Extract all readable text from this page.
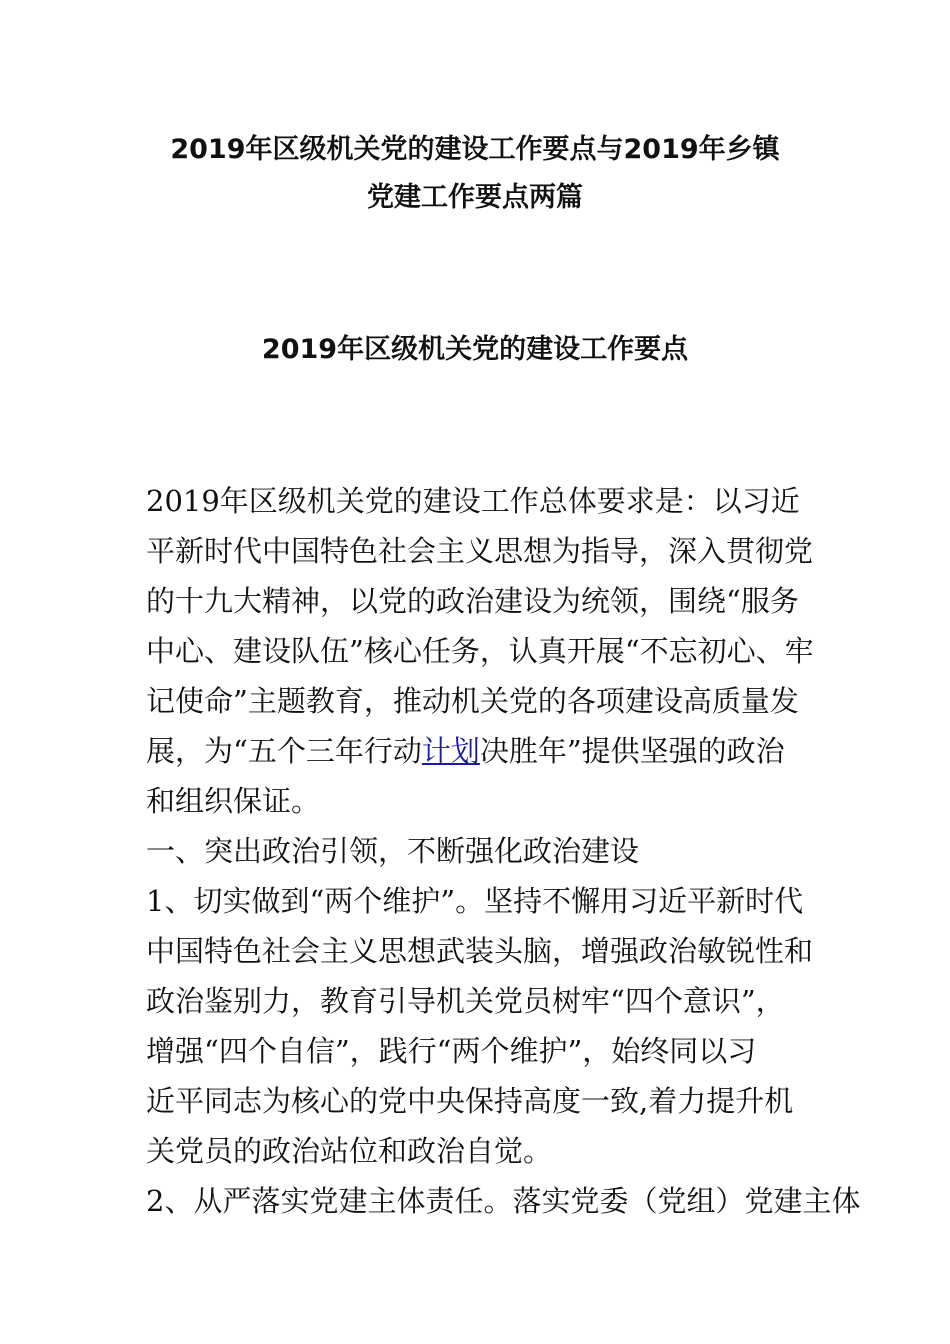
2019年区级机关党的建设工作要点与2019年乡镇
党建工作要点两篇
2019年区级机关党的建设工作要点
2019年区级机关党的建设工作总体要求是：以习近
平新时代中国特色社会主义思想为指导，深入贯彻党
的十九大精神，以党的政治建设为统领，围绕“服务
中心、建设队伍”核心任务，认真开展“不忘初心、牢
记使命”主题教育，推动机关党的各项建设高质量发
展，为“五个三年行动计划决胜年”提供坚强的政治
和组织保证。
一、突出政治引领，不断强化政治建设
1、切实做到“两个维护”。坚持不懈用习近平新时代
中国特色社会主义思想武装头脑，增强政治敏锐性和
政治鉴别力，教育引导机关党员树牢“四个意识”，
增强“四个自信”，践行“两个维护”，始终同以习
近平同志为核心的党中央保持高度一致,着力提升机
关党员的政治站位和政治自觉。
2、从严落实党建主体责任。落实党委（党组）党建主体
